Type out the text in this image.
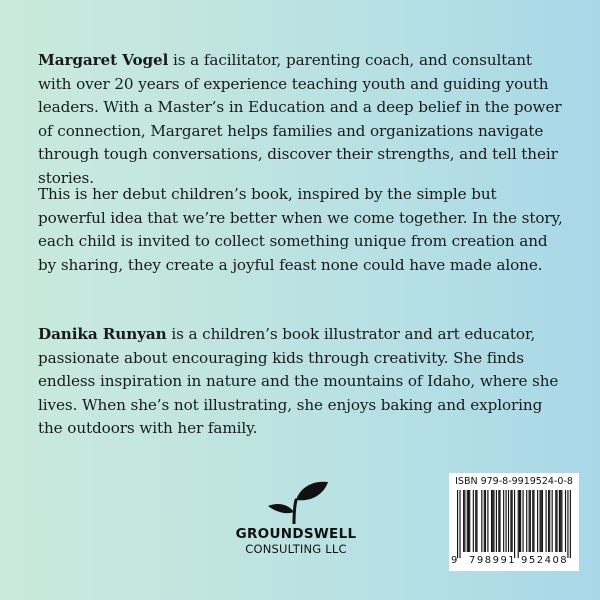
Margaret Vogel is a facilitator, parenting coach, and consultant with over 20 years of experience teaching youth and guiding youth leaders. With a Master’s in Education and a deep belief in the power of connection, Margaret helps families and organizations navigate through tough conversations, discover their strengths, and tell their stories.

This is her debut children’s book, inspired by the simple but powerful idea that we’re better when we come together. In the story, each child is invited to collect something unique from creation and by sharing, they create a joyful feast none could have made alone.

Danika Runyan is a children’s book illustrator and art educator, passionate about encouraging kids through creativity. She finds endless inspiration in nature and the mountains of Idaho, where she lives. When she’s not illustrating, she enjoys baking and exploring the outdoors with her family.

GROUNDSWELL
CONSULTING LLC
ISBN 979-8-9919524-0-8
9 798991 952408
